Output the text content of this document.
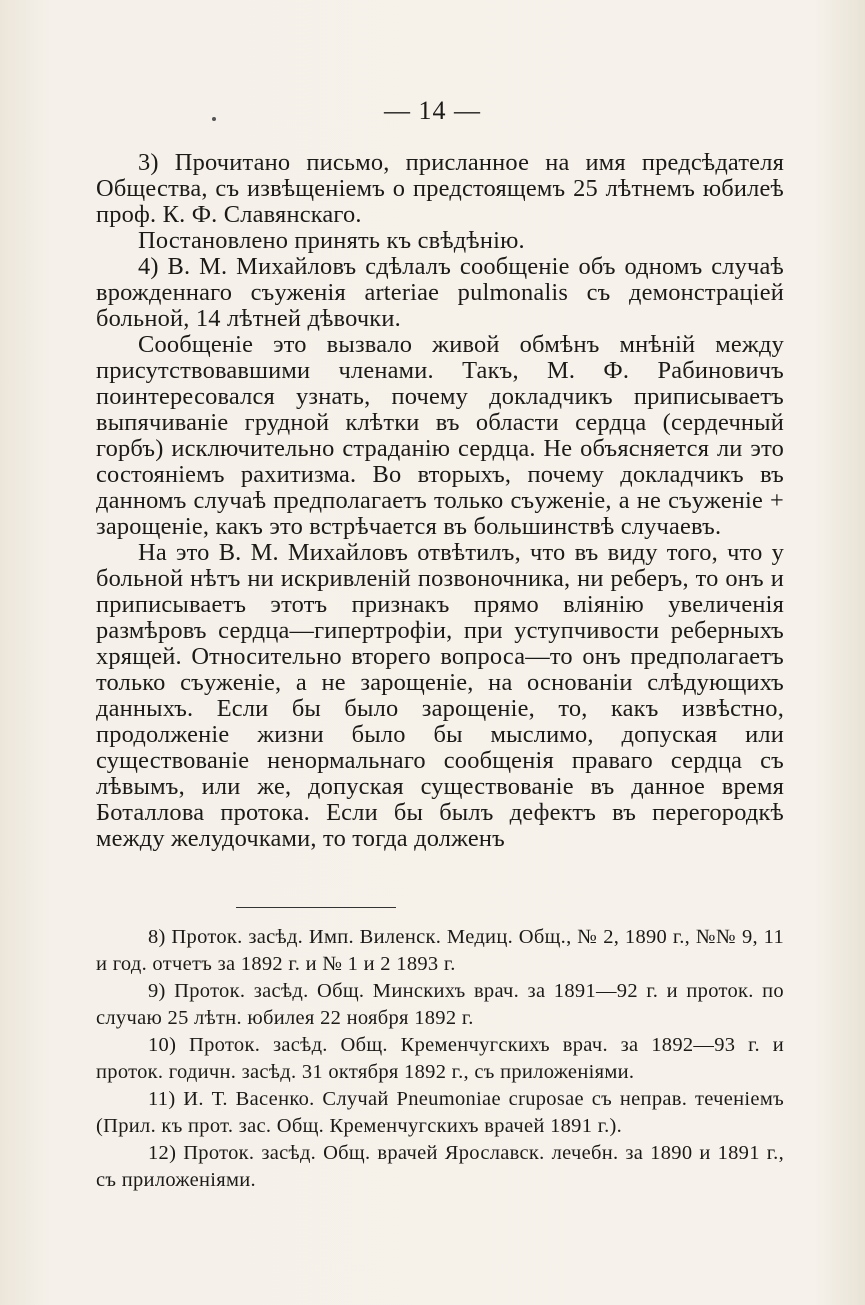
— 14 —

3) Прочитано письмо, присланное на имя предсѣдателя Общества, съ извѣщеніемъ о предстоящемъ 25 лѣтнемъ юбилеѣ проф. К. Ф. Славянскаго.

Постановлено принять къ свѣдѣнію.

4) В. М. Михайловъ сдѣлалъ сообщеніе объ одномъ случаѣ врожденнаго съуженія arteriae pulmonalis съ демонстраціей больной, 14 лѣтней дѣвочки.

Сообщеніе это вызвало живой обмѣнъ мнѣній между присутствовавшими членами. Такъ, М. Ф. Рабиновичъ поинтересовался узнать, почему докладчикъ приписываетъ выпячиваніе грудной клѣтки въ области сердца (сердечный горбъ) исключительно страданію сердца. Не объясняется ли это состояніемъ рахитизма. Во вторыхъ, почему докладчикъ въ данномъ случаѣ предполагаетъ только съуженіе, а не съуженіе + зарощеніе, какъ это встрѣчается въ большинствѣ случаевъ.

На это В. М. Михайловъ отвѣтилъ, что въ виду того, что у больной нѣтъ ни искривленій позвоночника, ни реберъ, то онъ и приписываетъ этотъ признакъ прямо вліянію увеличенія размѣровъ сердца—гипертрофіи, при уступчивости реберныхъ хрящей. Относительно вторего вопроса—то онъ предполагаетъ только съуженіе, а не зарощеніе, на основаніи слѣдующихъ данныхъ. Если бы было зарощеніе, то, какъ извѣстно, продолженіе жизни было бы мыслимо, допуская или существованіе ненормальнаго сообщенія праваго сердца съ лѣвымъ, или же, допуская существованіе въ данное время Боталлова протока. Если бы былъ дефектъ въ перегородкѣ между желудочками, то тогда долженъ

8) Проток. засѣд. Имп. Виленск. Медиц. Общ., № 2, 1890 г., №№ 9, 11 и год. отчетъ за 1892 г. и № 1 и 2 1893 г.

9) Проток. засѣд. Общ. Минскихъ врач. за 1891—92 г. и проток. по случаю 25 лѣтн. юбилея 22 ноября 1892 г.

10) Проток. засѣд. Общ. Кременчугскихъ врач. за 1892—93 г. и проток. годичн. засѣд. 31 октября 1892 г., съ приложеніями.

11) И. Т. Васенко. Случай Pneumoniae cruposae съ неправ. теченіемъ (Прил. къ прот. зас. Общ. Кременчугскихъ врачей 1891 г.).

12) Проток. засѣд. Общ. врачей Ярославск. лечебн. за 1890 и 1891 г., съ приложеніями.
